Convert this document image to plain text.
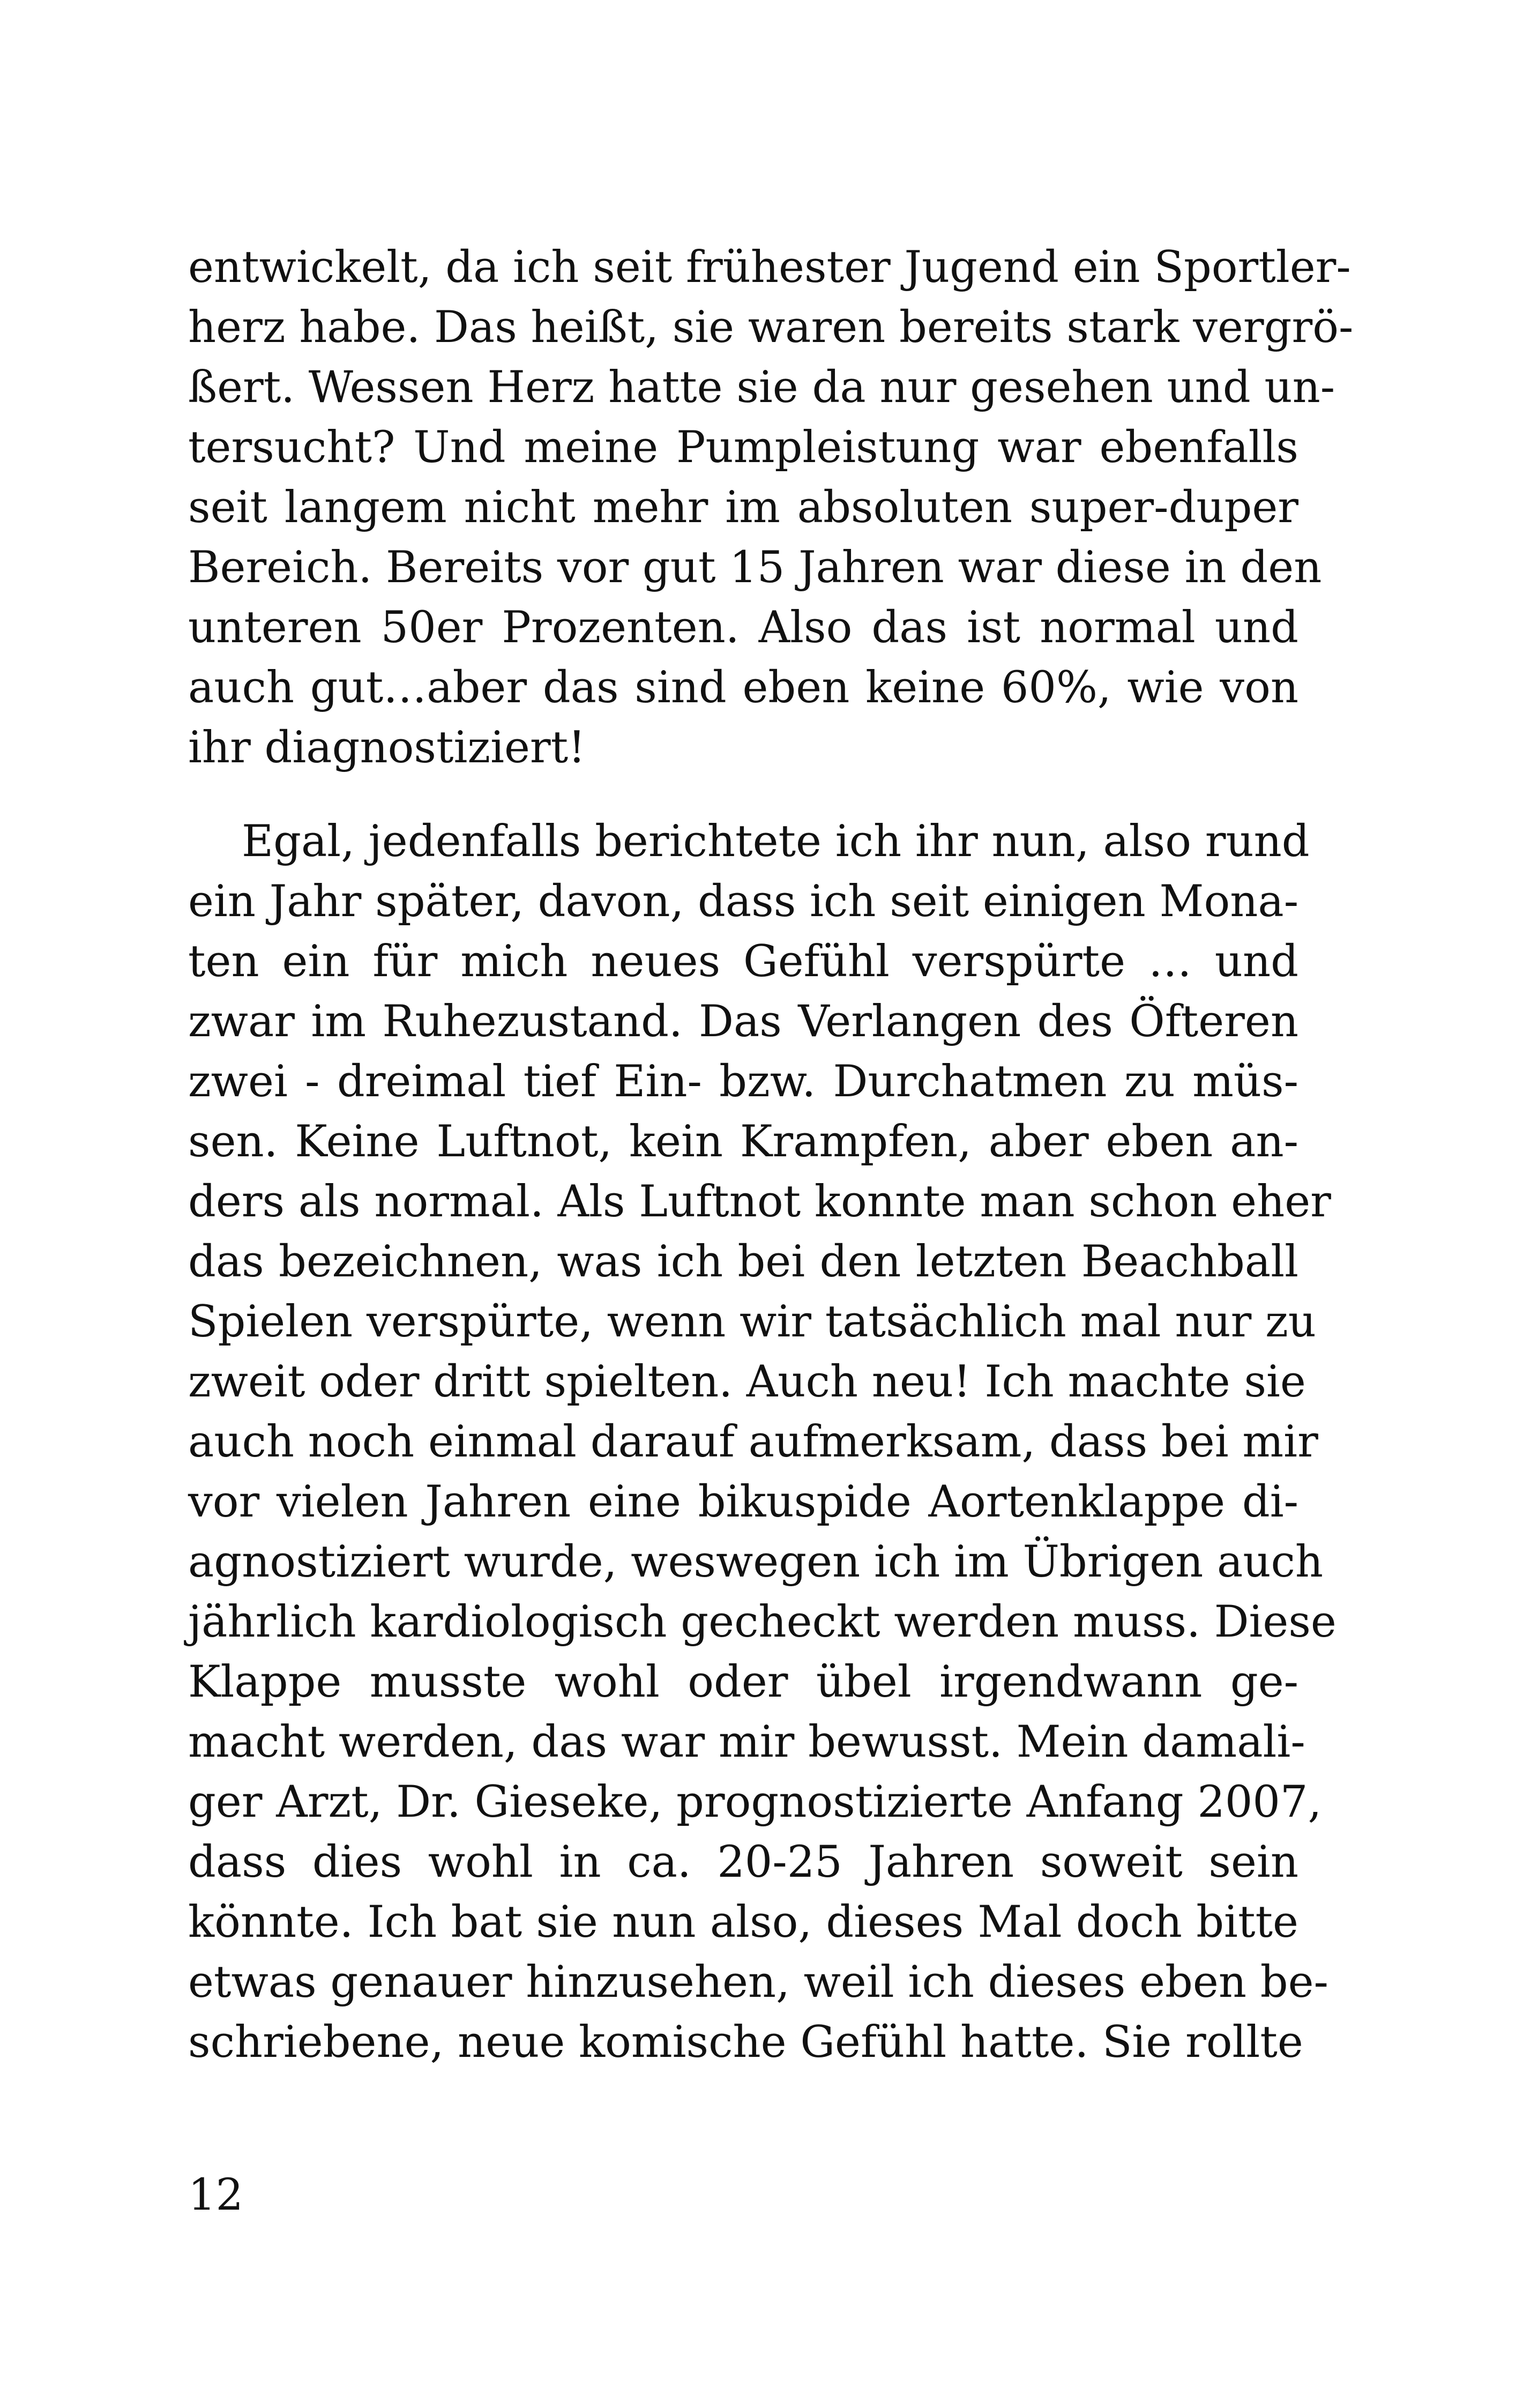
entwickelt, da ich seit frühester Jugend ein Sportler-
herz habe. Das heißt, sie waren bereits stark vergrö-
ßert. Wessen Herz hatte sie da nur gesehen und un-
tersucht? Und meine Pumpleistung war ebenfalls
seit langem nicht mehr im absoluten super-duper
Bereich. Bereits vor gut 15 Jahren war diese in den
unteren 50er Prozenten. Also das ist normal und
auch gut…aber das sind eben keine 60%, wie von
ihr diagnostiziert!
Egal, jedenfalls berichtete ich ihr nun, also rund
ein Jahr später, davon, dass ich seit einigen Mona-
ten ein für mich neues Gefühl verspürte … und
zwar im Ruhezustand. Das Verlangen des Öfteren
zwei - dreimal tief Ein- bzw. Durchatmen zu müs-
sen. Keine Luftnot, kein Krampfen, aber eben an-
ders als normal. Als Luftnot konnte man schon eher
das bezeichnen, was ich bei den letzten Beachball
Spielen verspürte, wenn wir tatsächlich mal nur zu
zweit oder dritt spielten. Auch neu! Ich machte sie
auch noch einmal darauf aufmerksam, dass bei mir
vor vielen Jahren eine bikuspide Aortenklappe di-
agnostiziert wurde, weswegen ich im Übrigen auch
jährlich kardiologisch gecheckt werden muss. Diese
Klappe musste wohl oder übel irgendwann ge-
macht werden, das war mir bewusst. Mein damali-
ger Arzt, Dr. Gieseke, prognostizierte Anfang 2007,
dass dies wohl in ca. 20-25 Jahren soweit sein
könnte. Ich bat sie nun also, dieses Mal doch bitte
etwas genauer hinzusehen, weil ich dieses eben be-
schriebene, neue komische Gefühl hatte. Sie rollte
12
